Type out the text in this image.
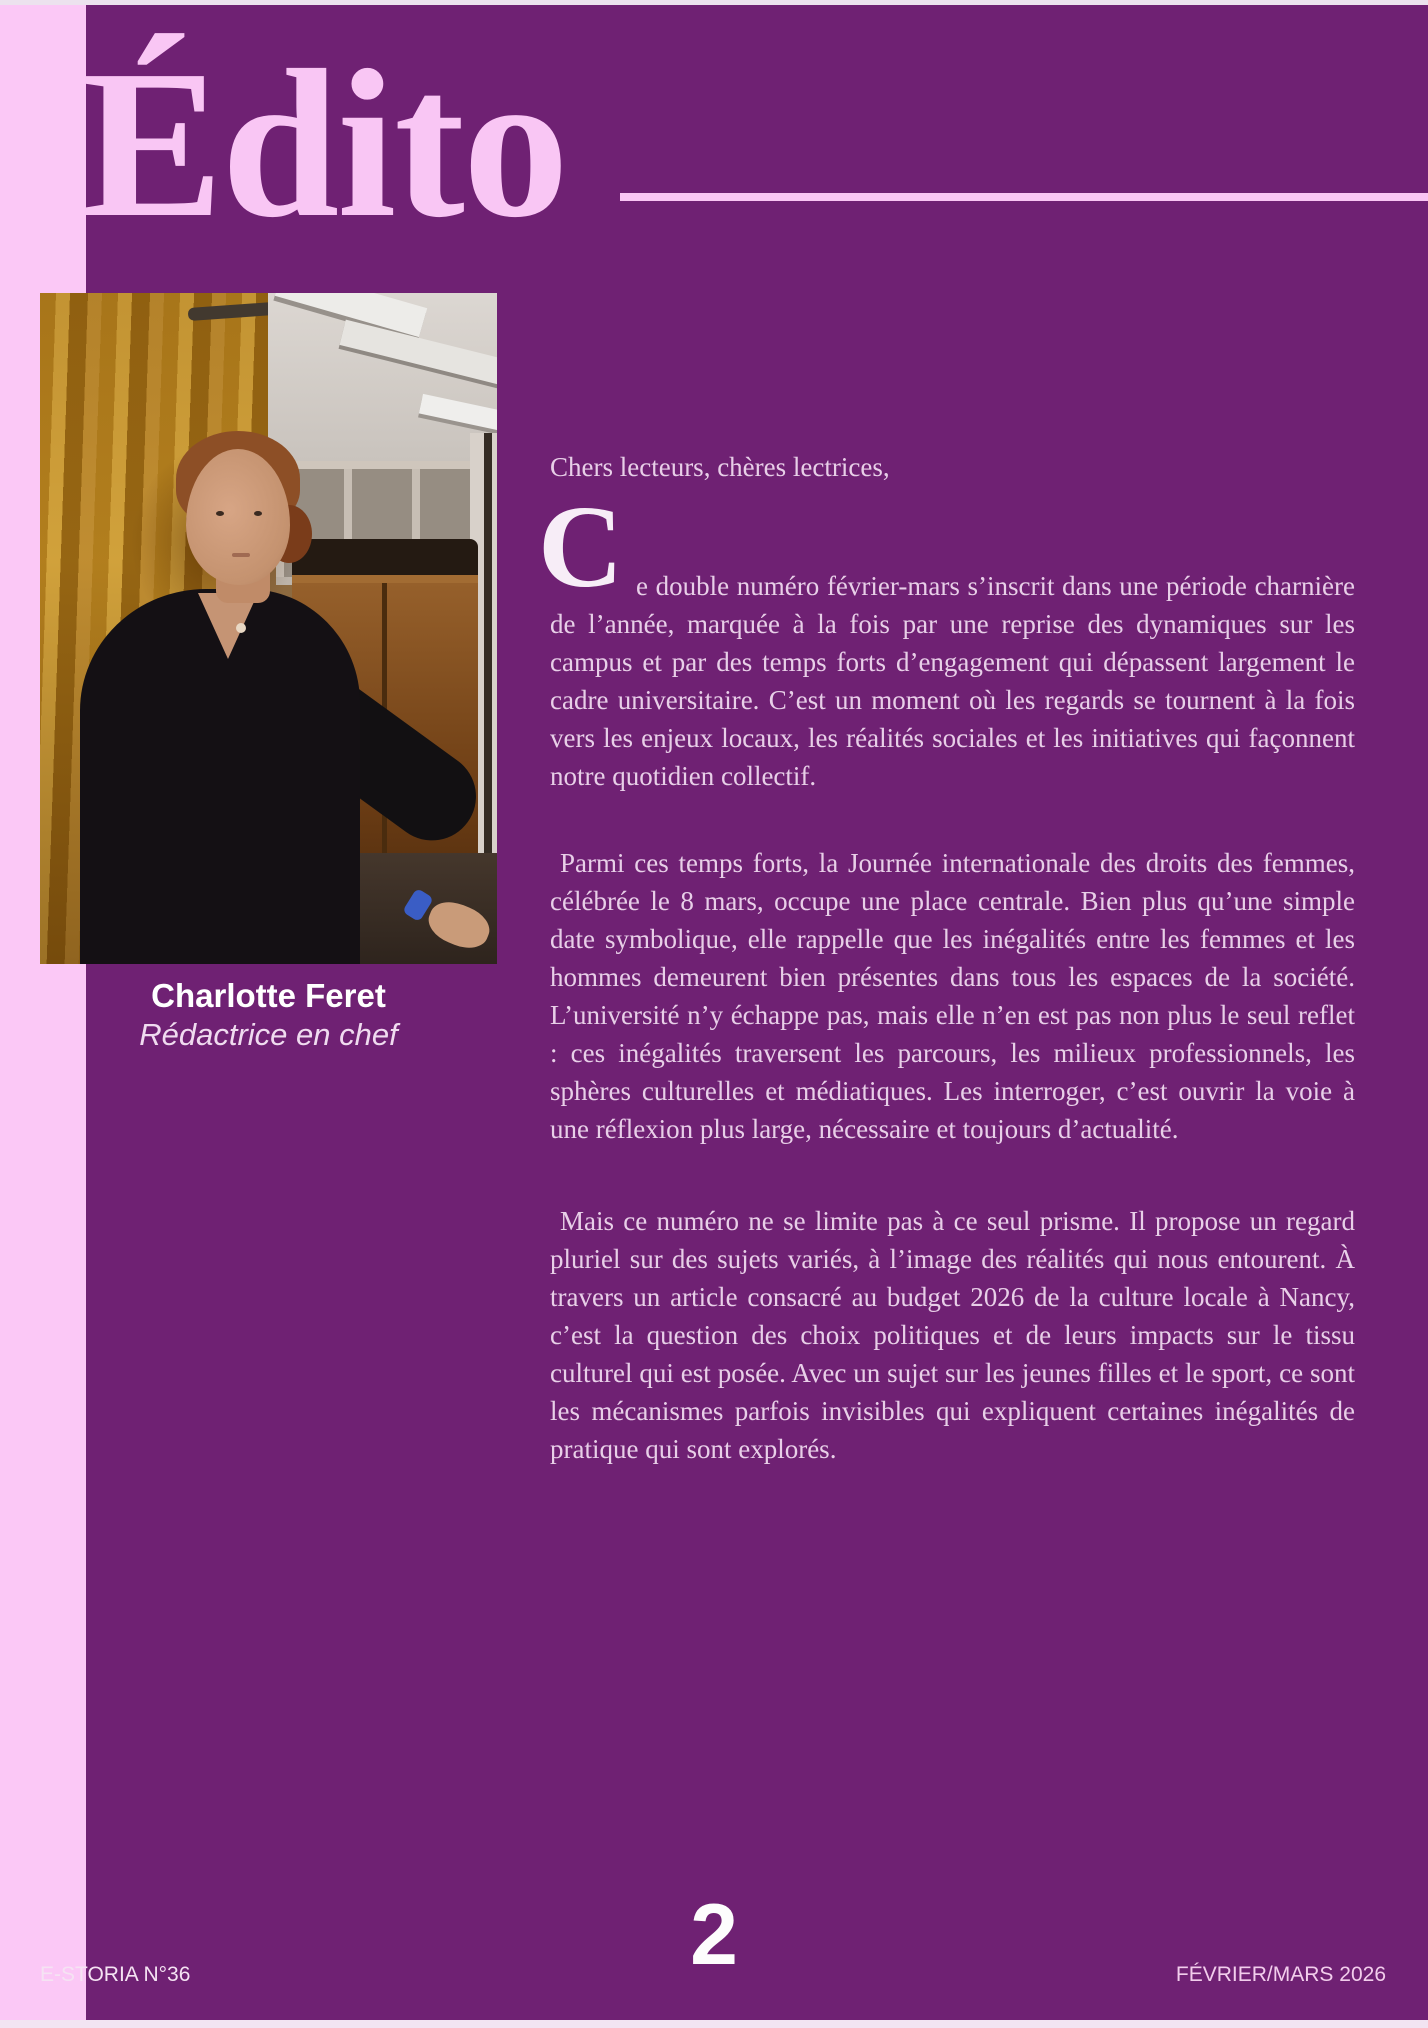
Édito
Charlotte Feret
Rédactrice en chef
Chers lecteurs, chères lectrices,
C e double numéro février-mars s’inscrit dans une période charnière de l’année, marquée à la fois par une reprise des dynamiques sur les campus et par des temps forts d’engagement qui dépassent largement le cadre universitaire. C’est un moment où les regards se tournent à la fois vers les enjeux locaux, les réalités sociales et les initiatives qui façonnent notre quotidien collectif.
Parmi ces temps forts, la Journée internationale des droits des femmes, célébrée le 8 mars, occupe une place centrale. Bien plus qu’une simple date symbolique, elle rappelle que les inégalités entre les femmes et les hommes demeurent bien présentes dans tous les espaces de la société. L’université n’y échappe pas, mais elle n’en est pas non plus le seul reflet : ces inégalités traversent les parcours, les milieux professionnels, les sphères culturelles et médiatiques. Les interroger, c’est ouvrir la voie à une réflexion plus large, nécessaire et toujours d’actualité.
Mais ce numéro ne se limite pas à ce seul prisme. Il propose un regard pluriel sur des sujets variés, à l’image des réalités qui nous entourent. À travers un article consacré au budget 2026 de la culture locale à Nancy, c’est la question des choix politiques et de leurs impacts sur le tissu culturel qui est posée. Avec un sujet sur les jeunes filles et le sport, ce sont les mécanismes parfois invisibles qui expliquent certaines inégalités de pratique qui sont explorés.
2
E-STORIA N°36	FÉVRIER/MARS 2026
